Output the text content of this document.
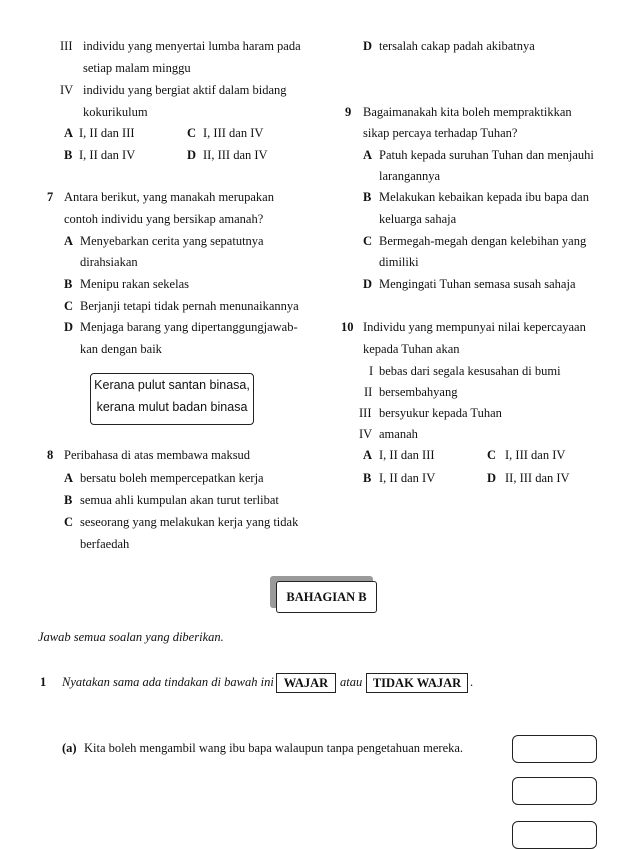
III individu yang menyertai lumba haram pada
setiap malam minggu
IV individu yang bergiat aktif dalam bidang
kokurikulum
A I, II dan III	C I, III dan IV
B I, II dan IV	D II, III dan IV
7 Antara berikut, yang manakah merupakan
contoh individu yang bersikap amanah?
A Menyebarkan cerita yang sepatutnya
dirahsiakan
B Menipu rakan sekelas
C Berjanji tetapi tidak pernah menunaikannya
D Menjaga barang yang dipertanggungjawab-
kan dengan baik
Kerana pulut santan binasa,
kerana mulut badan binasa
8 Peribahasa di atas membawa maksud
A bersatu boleh mempercepatkan kerja
B semua ahli kumpulan akan turut terlibat
C seseorang yang melakukan kerja yang tidak
berfaedah
D tersalah cakap padah akibatnya
9 Bagaimanakah kita boleh mempraktikkan
sikap percaya terhadap Tuhan?
A Patuh kepada suruhan Tuhan dan menjauhi
larangannya
B Melakukan kebaikan kepada ibu bapa dan
keluarga sahaja
C Bermegah-megah dengan kelebihan yang
dimiliki
D Mengingati Tuhan semasa susah sahaja
10 Individu yang mempunyai nilai kepercayaan
kepada Tuhan akan
I bebas dari segala kesusahan di bumi
II bersembahyang
III bersyukur kepada Tuhan
IV amanah
A I, II dan III	C I, III dan IV
B I, II dan IV	D II, III dan IV
BAHAGIAN B
Jawab semua soalan yang diberikan.
1 Nyatakan sama ada tindakan di bawah ini WAJAR atau TIDAK WAJAR .
(a) Kita boleh mengambil wang ibu bapa walaupun tanpa pengetahuan mereka.
